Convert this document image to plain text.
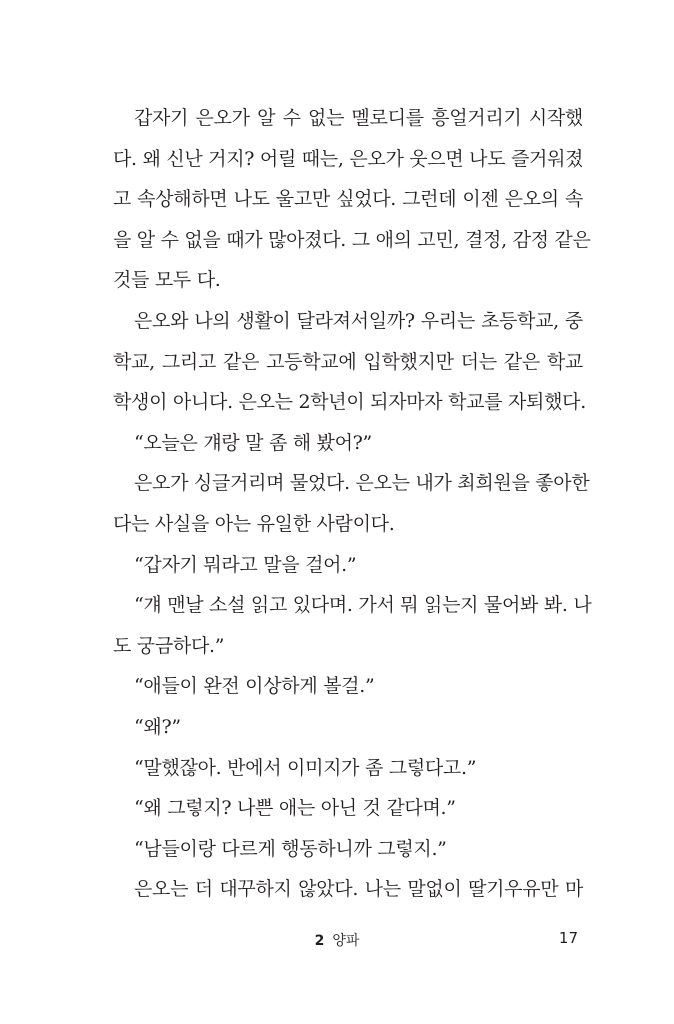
갑자기 은오가 알 수 없는 멜로디를 흥얼거리기 시작했
다. 왜 신난 거지? 어릴 때는, 은오가 웃으면 나도 즐거워졌
고 속상해하면 나도 울고만 싶었다. 그런데 이젠 은오의 속
을 알 수 없을 때가 많아졌다. 그 애의 고민, 결정, 감정 같은
것들 모두 다.
은오와 나의 생활이 달라져서일까? 우리는 초등학교, 중
학교, 그리고 같은 고등학교에 입학했지만 더는 같은 학교
학생이 아니다. 은오는 2학년이 되자마자 학교를 자퇴했다.
“오늘은 걔랑 말 좀 해 봤어?”
은오가 싱글거리며 물었다. 은오는 내가 최희원을 좋아한
다는 사실을 아는 유일한 사람이다.
“갑자기 뭐라고 말을 걸어.”
“걔 맨날 소설 읽고 있다며. 가서 뭐 읽는지 물어봐 봐. 나
도 궁금하다.”
“애들이 완전 이상하게 볼걸.”
“왜?”
“말했잖아. 반에서 이미지가 좀 그렇다고.”
“왜 그렇지? 나쁜 애는 아닌 것 같다며.”
“남들이랑 다르게 행동하니까 그렇지.”
은오는 더 대꾸하지 않았다. 나는 말없이 딸기우유만 마
2 양파	17
